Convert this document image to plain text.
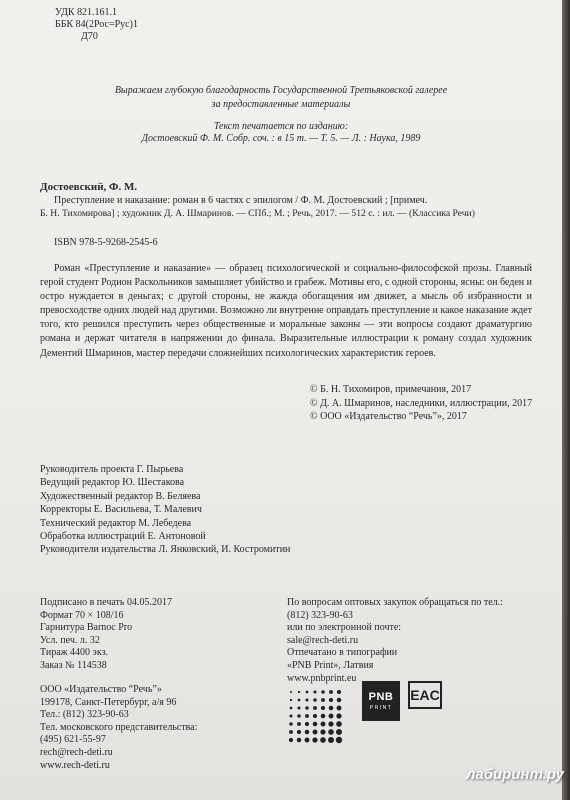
УДК 821.161.1
ББК 84(2Рос=Рус)1
Д70
Выражаем глубокую благодарность Государственной Третьяковской галерее
за предоставленные материалы
Текст печатается по изданию:
Достоевский Ф. М. Собр. соч. : в 15 т. — Т. 5. — Л. : Наука, 1989
Достоевский, Ф. М.
Преступление и наказание: роман в 6 частях с эпилогом / Ф. М. Достоевский ; [примеч.
Б. Н. Тихомирова] ; художник Д. А. Шмаринов. — СПб.; М. ; Речь, 2017. — 512 с. : ил. — (Классика Речи)
ISBN 978-5-9268-2545-6
Роман «Преступление и наказание» — образец психологической и социально-философской прозы. Главный герой студент Родион Раскольников замышляет убийство и грабеж. Мотивы его, с одной стороны, ясны: он беден и остро нуждается в деньгах; с другой стороны, не жажда обогащения им движет, а мысль об избранности и превосходстве одних людей над другими. Возможно ли внутренне оправдать преступление и какое наказание ждет того, кто решился преступить через общественные и моральные законы — эти вопросы создают драматургию романа и держат читателя в напряжении до финала. Выразительные иллюстрации к роману создал художник Дементий Шмаринов, мастер передачи сложнейших психологических характеристик героев.
© Б. Н. Тихомиров, примечания, 2017
© Д. А. Шмаринов, наследники, иллюстрации, 2017
© ООО «Издательство “Речь”», 2017
Руководитель проекта Г. Пырьева
Ведущий редактор Ю. Шестакова
Художественный редактор В. Беляева
Корректоры Е. Васильева, Т. Малевич
Технический редактор М. Лебедева
Обработка иллюстраций Е. Антоновой
Руководители издательства Л. Янковский, И. Костромитин
Подписано в печать 04.05.2017
Формат 70 × 108/16
Гарнитура Barnoc Pro
Усл. печ. л. 32
Тираж 4400 экз.
Заказ № 114538
ООО «Издательство “Речь”»
199178, Санкт-Петербург, а/я 96
Тел.: (812) 323-90-63
Тел. московского представительства:
(495) 621-55-97
rech@rech-deti.ru
www.rech-deti.ru
По вопросам оптовых закупок обращаться по тел.:
(812) 323-90-63
или по электронной почте:
sale@rech-deti.ru
Отпечатано в типографии
«PNB Print», Латвия
www.pnbprint.eu
PNB
PRINT
EAC
лабиринт.ру
